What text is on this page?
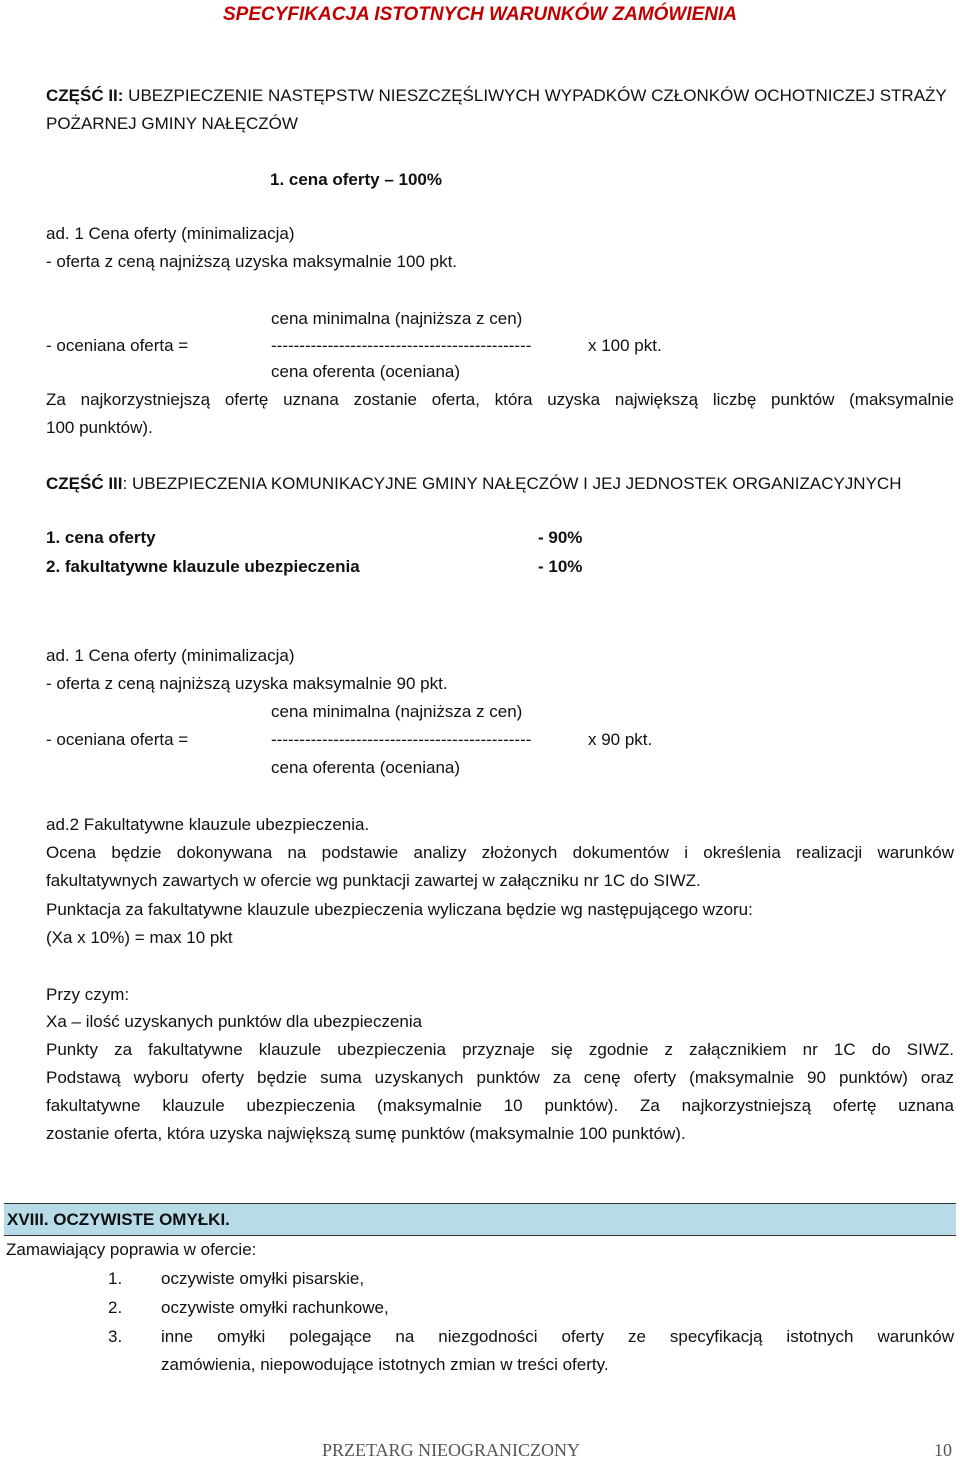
SPECYFIKACJA ISTOTNYCH WARUNKÓW ZAMÓWIENIA
CZĘŚĆ II: UBEZPIECZENIE NASTĘPSTW NIESZCZĘŚLIWYCH WYPADKÓW CZŁONKÓW OCHOTNICZEJ STRAŻY
POŻARNEJ GMINY NAŁĘCZÓW
1. cena oferty – 100%
ad. 1 Cena oferty (minimalizacja)
- oferta z ceną najniższą uzyska maksymalnie 100 pkt.
cena minimalna (najniższa z cen)
- oceniana oferta =	----------------------------------------------	x 100 pkt.
cena oferenta (oceniana)
Za najkorzystniejszą ofertę uznana zostanie oferta, która uzyska największą liczbę punktów (maksymalnie
100 punktów).
CZĘŚĆ III: UBEZPIECZENIA KOMUNIKACYJNE GMINY NAŁĘCZÓW I JEJ JEDNOSTEK ORGANIZACYJNYCH
1. cena oferty	- 90%
2. fakultatywne klauzule ubezpieczenia	- 10%
ad. 1 Cena oferty (minimalizacja)
- oferta z ceną najniższą uzyska maksymalnie 90 pkt.
cena minimalna (najniższa z cen)
- oceniana oferta =	----------------------------------------------	x 90 pkt.
cena oferenta (oceniana)
ad.2 Fakultatywne klauzule ubezpieczenia.
Ocena będzie dokonywana na podstawie analizy złożonych dokumentów i określenia realizacji warunków
fakultatywnych zawartych w ofercie wg punktacji zawartej w załączniku nr 1C do SIWZ.
Punktacja za fakultatywne klauzule ubezpieczenia wyliczana będzie wg następującego wzoru:
(Xa x 10%) = max 10 pkt
Przy czym:
Xa – ilość uzyskanych punktów dla ubezpieczenia
Punkty za fakultatywne klauzule ubezpieczenia przyznaje się zgodnie z załącznikiem nr 1C do SIWZ.
Podstawą wyboru oferty będzie suma uzyskanych punktów za cenę oferty (maksymalnie 90 punktów) oraz
fakultatywne klauzule ubezpieczenia (maksymalnie 10 punktów). Za najkorzystniejszą ofertę uznana
zostanie oferta, która uzyska największą sumę punktów (maksymalnie 100 punktów).
XVIII. OCZYWISTE OMYŁKI.
Zamawiający poprawia w ofercie:
1. oczywiste omyłki pisarskie,
2. oczywiste omyłki rachunkowe,
3. inne omyłki polegające na niezgodności oferty ze specyfikacją istotnych warunków
zamówienia, niepowodujące istotnych zmian w treści oferty.
PRZETARG NIEOGRANICZONY	10
